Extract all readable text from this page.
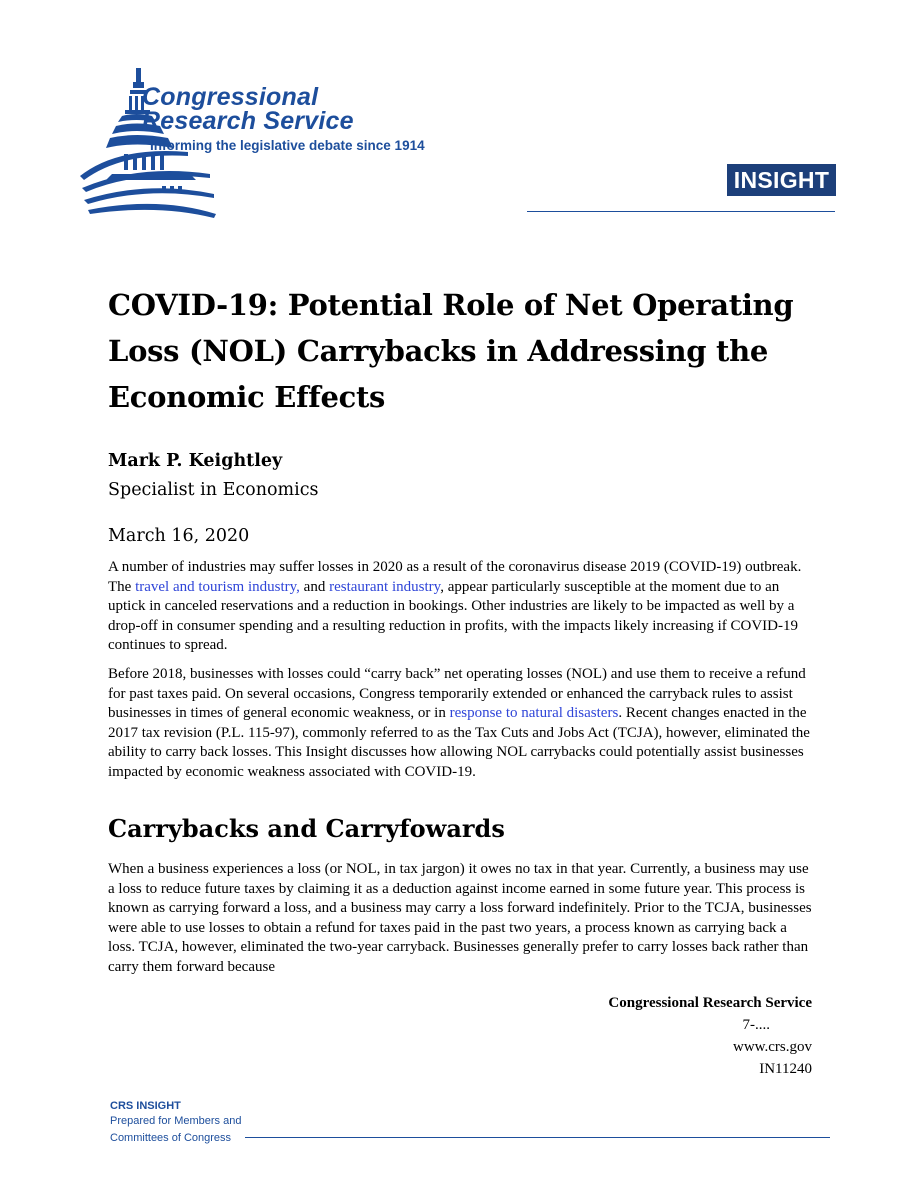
Congressional
Research Service
Informing the legislative debate since 1914
INSIGHT
COVID-19: Potential Role of Net Operating Loss (NOL) Carrybacks in Addressing the Economic Effects
Mark P. Keightley
Specialist in Economics
March 16, 2020

A number of industries may suffer losses in 2020 as a result of the coronavirus disease 2019 (COVID-19) outbreak. The travel and tourism industry, and restaurant industry, appear particularly susceptible at the moment due to an uptick in canceled reservations and a reduction in bookings. Other industries are likely to be impacted as well by a drop-off in consumer spending and a resulting reduction in profits, with the impacts likely increasing if COVID-19 continues to spread.

Before 2018, businesses with losses could “carry back” net operating losses (NOL) and use them to receive a refund for past taxes paid. On several occasions, Congress temporarily extended or enhanced the carryback rules to assist businesses in times of general economic weakness, or in response to natural disasters. Recent changes enacted in the 2017 tax revision (P.L. 115-97), commonly referred to as the Tax Cuts and Jobs Act (TCJA), however, eliminated the ability to carry back losses. This Insight discusses how allowing NOL carrybacks could potentially assist businesses impacted by economic weakness associated with COVID-19.

Carrybacks and Carryfowards

When a business experiences a loss (or NOL, in tax jargon) it owes no tax in that year. Currently, a business may use a loss to reduce future taxes by claiming it as a deduction against income earned in some future year. This process is known as carrying forward a loss, and a business may carry a loss forward indefinitely. Prior to the TCJA, businesses were able to use losses to obtain a refund for taxes paid in the past two years, a process known as carrying back a loss. TCJA, however, eliminated the two-year carryback. Businesses generally prefer to carry losses back rather than carry them forward because

Congressional Research Service
7-....
www.crs.gov
IN11240
CRS INSIGHT
Prepared for Members and
Committees of Congress
